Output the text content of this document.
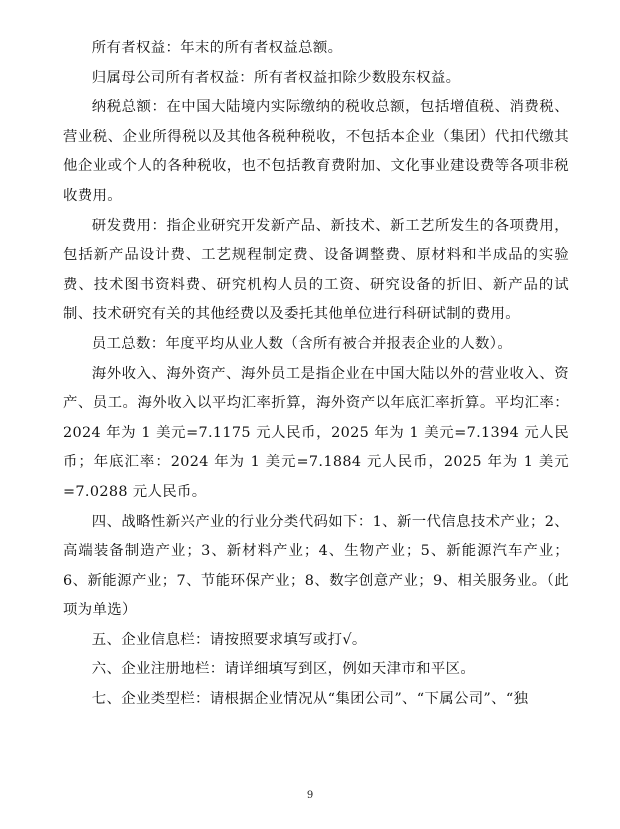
所有者权益：年末的所有者权益总额。

归属母公司所有者权益：所有者权益扣除少数股东权益。

纳税总额：在中国大陆境内实际缴纳的税收总额，包括增值税、消费税、营业税、企业所得税以及其他各税种税收，不包括本企业（集团）代扣代缴其他企业或个人的各种税收，也不包括教育费附加、文化事业建设费等各项非税收费用。

研发费用：指企业研究开发新产品、新技术、新工艺所发生的各项费用，包括新产品设计费、工艺规程制定费、设备调整费、原材料和半成品的实验费、技术图书资料费、研究机构人员的工资、研究设备的折旧、新产品的试制、技术研究有关的其他经费以及委托其他单位进行科研试制的费用。

员工总数：年度平均从业人数（含所有被合并报表企业的人数）。

海外收入、海外资产、海外员工是指企业在中国大陆以外的营业收入、资产、员工。海外收入以平均汇率折算，海外资产以年底汇率折算。平均汇率：2024 年为 1 美元=7.1175 元人民币，2025 年为 1 美元=7.1394 元人民币；年底汇率：2024 年为 1 美元=7.1884 元人民币，2025 年为 1 美元=7.0288 元人民币。

四、战略性新兴产业的行业分类代码如下：1、新一代信息技术产业；2、高端装备制造产业；3、新材料产业；4、生物产业；5、新能源汽车产业；6、新能源产业；7、节能环保产业；8、数字创意产业；9、相关服务业。（此项为单选）

五、企业信息栏：请按照要求填写或打√。

六、企业注册地栏：请详细填写到区，例如天津市和平区。

七、企业类型栏：请根据企业情况从“集团公司”、“下属公司”、“独

9
